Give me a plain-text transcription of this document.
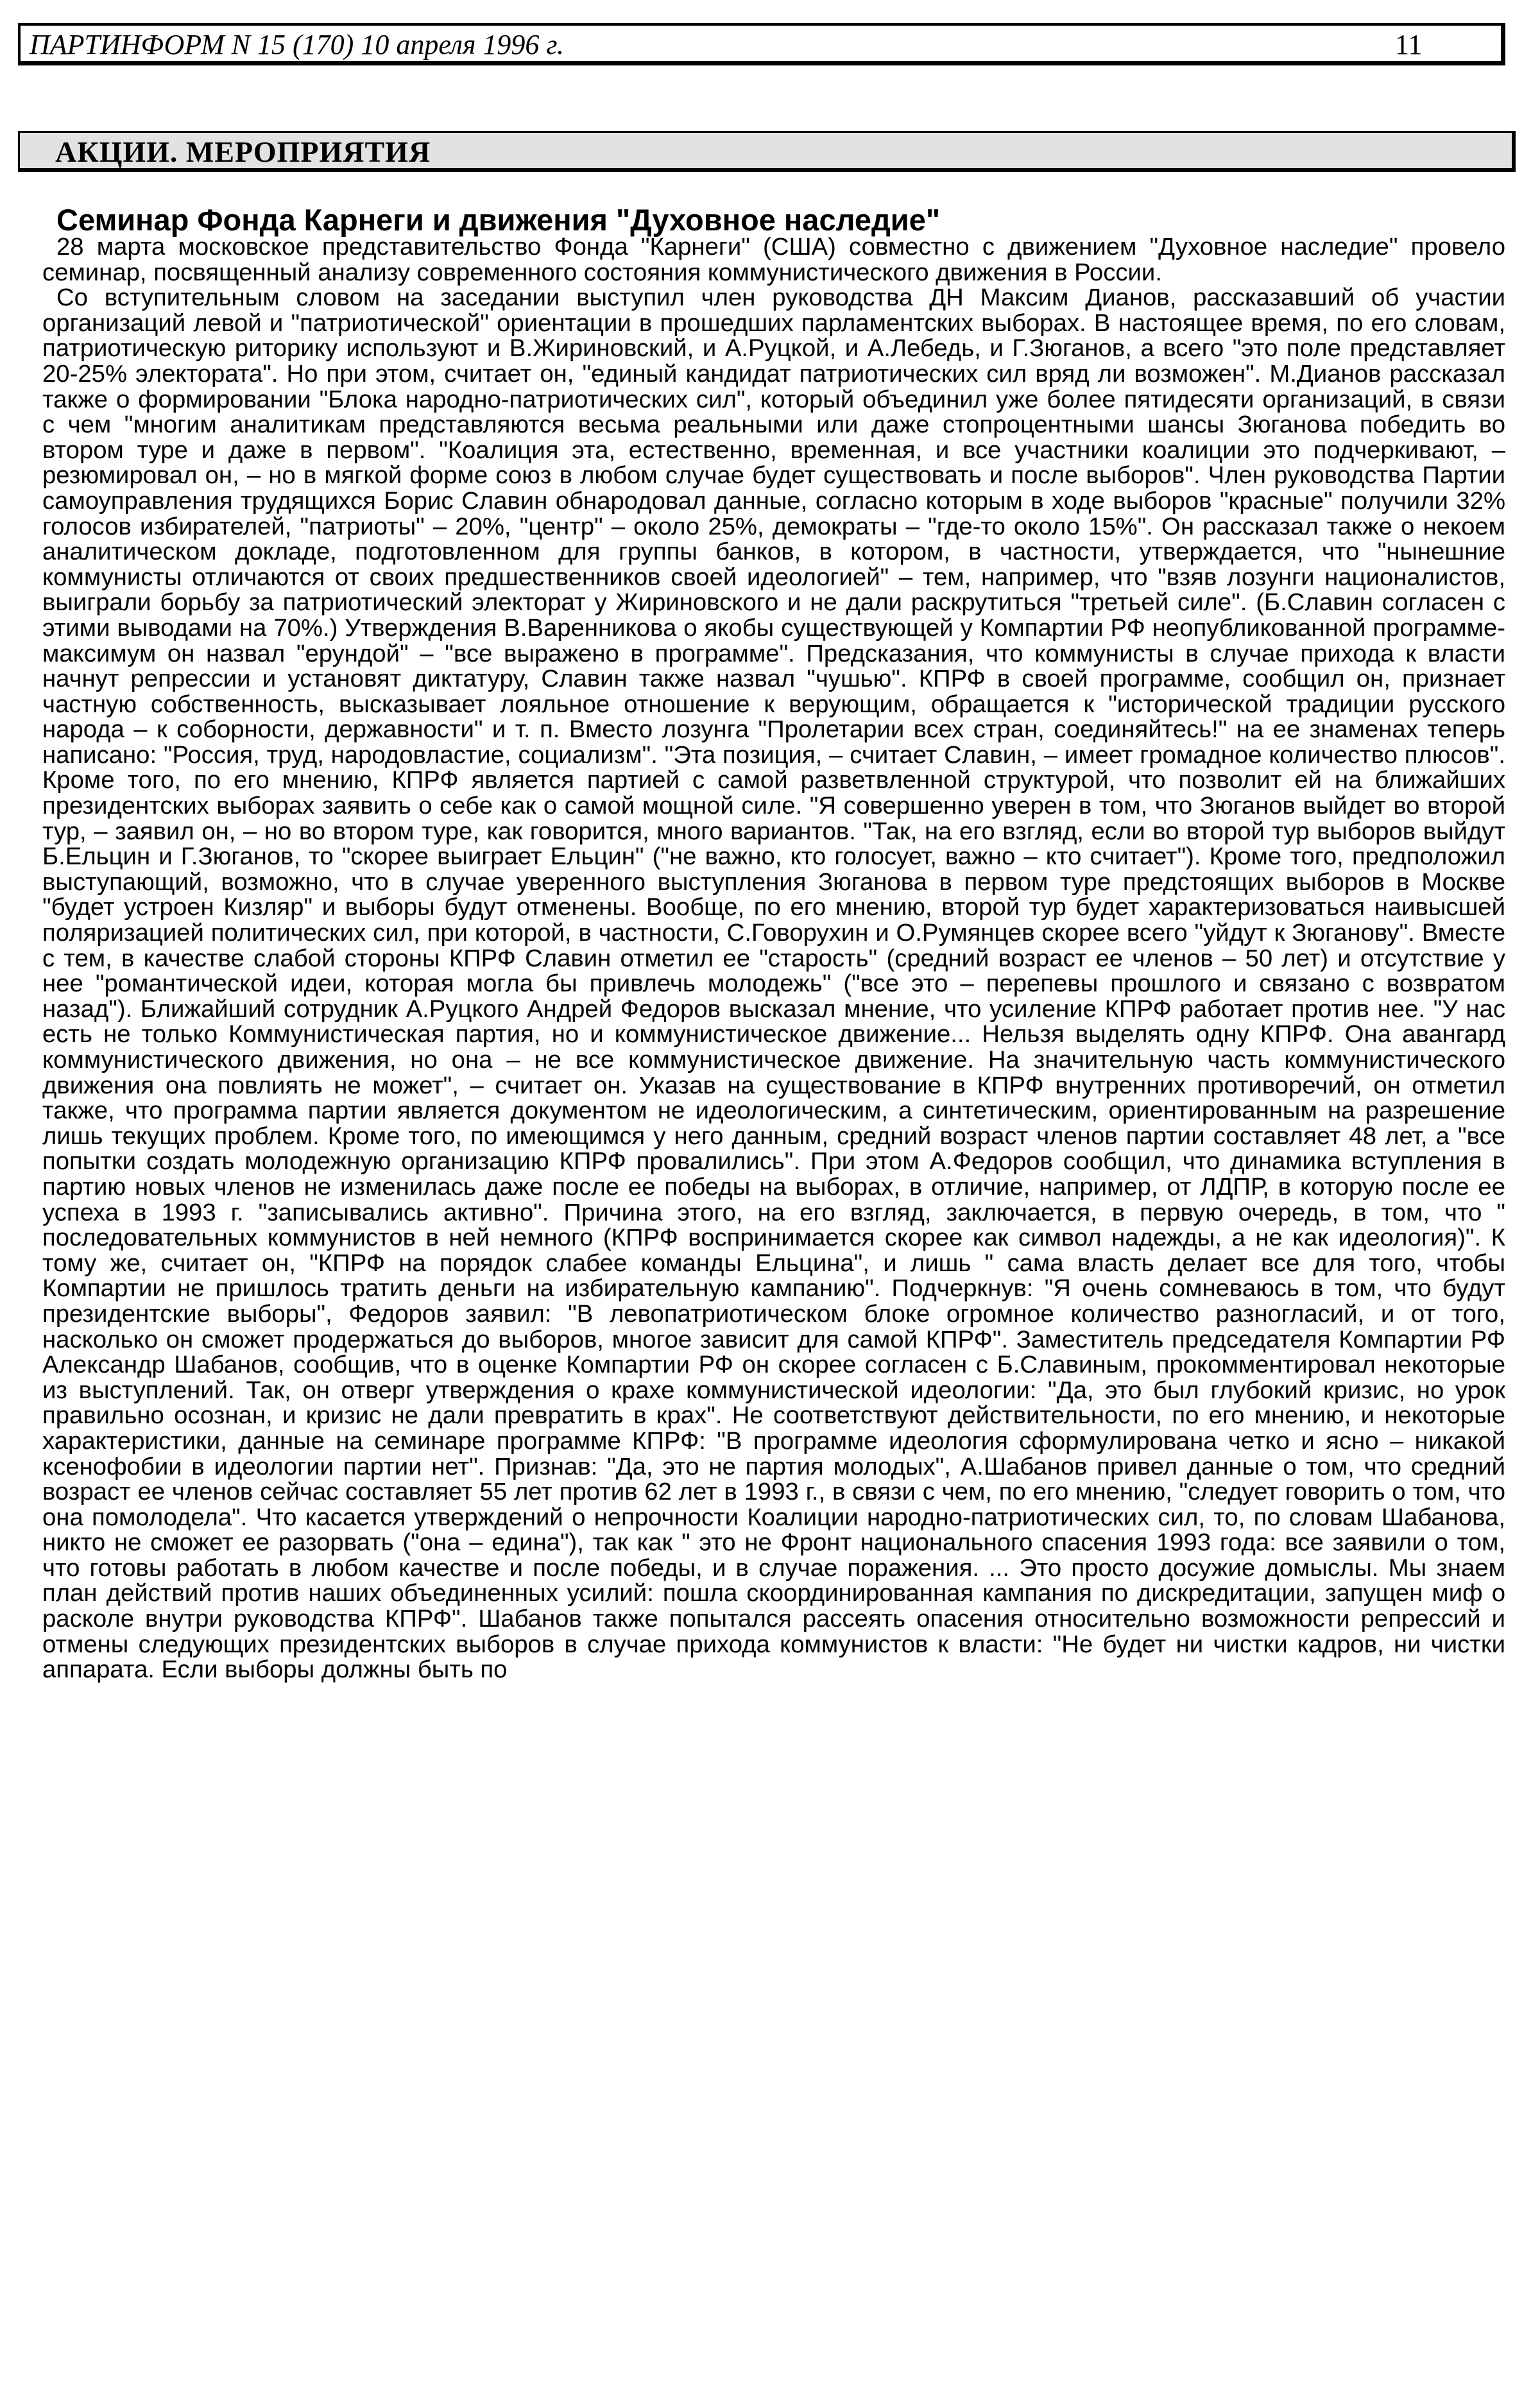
ПАРТИНФОРМ N 15 (170) 10 апреля 1996 г.	11
АКЦИИ. МЕРОПРИЯТИЯ
Семинар Фонда Карнеги и движения "Духовное наследие"

28 марта московское представительство Фонда "Карнеги" (США) совместно с движением "Духовное наследие" провело семинар, посвященный анализу современного состояния коммунистического движения в России.

Со вступительным словом на заседании выступил член руководства ДН Максим Дианов, рассказавший об участии организаций левой и "патриотической" ориентации в прошедших парламентских выборах. В настоящее время, по его словам, патриотическую риторику используют и В.Жириновский, и А.Руцкой, и А.Лебедь, и Г.Зюганов, а всего "это поле представляет 20-25% электората". Но при этом, считает он, "единый кандидат патриотических сил вряд ли возможен". М.Дианов рассказал также о формировании "Блока народно-патриотических сил", который объединил уже более пятидесяти организаций, в связи с чем "многим аналитикам представляются весьма реальными или даже стопроцентными шансы Зюганова победить во втором туре и даже в первом". "Коалиция эта, естественно, временная, и все участники коалиции это подчеркивают, – резюмировал он, – но в мягкой форме союз в любом случае будет существовать и после выборов". Член руководства Партии самоуправления трудящихся Борис Славин обнародовал данные, согласно которым в ходе выборов "красные" получили 32% голосов избирателей, "патриоты" – 20%, "центр" – около 25%, демократы – "где-то около 15%". Он рассказал также о некоем аналитическом докладе, подготовленном для группы банков, в котором, в частности, утверждается, что "нынешние коммунисты отличаются от своих предшественников своей идеологией" – тем, например, что "взяв лозунги националистов, выиграли борьбу за патриотический электорат у Жириновского и не дали раскрутиться "третьей силе". (Б.Славин согласен с этими выводами на 70%.) Утверждения В.Варенникова о якобы существующей у Компартии РФ неопубликованной программе-максимум он назвал "ерундой" – "все выражено в программе". Предсказания, что коммунисты в случае прихода к власти начнут репрессии и установят диктатуру, Славин также назвал "чушью". КПРФ в своей программе, сообщил он, признает частную собственность, высказывает лояльное отношение к верующим, обращается к "исторической традиции русского народа – к соборности, державности" и т. п. Вместо лозунга "Пролетарии всех стран, соединяйтесь!" на ее знаменах теперь написано: "Россия, труд, народовластие, социализм". "Эта позиция, – считает Славин, – имеет громадное количество плюсов". Кроме того, по его мнению, КПРФ является партией с самой разветвленной структурой, что позволит ей на ближайших президентских выборах заявить о себе как о самой мощной силе. "Я совершенно уверен в том, что Зюганов выйдет во второй тур, – заявил он, – но во втором туре, как говорится, много вариантов. "Так, на его взгляд, если во второй тур выборов выйдут Б.Ельцин и Г.Зюганов, то "скорее выиграет Ельцин" ("не важно, кто голосует, важно – кто считает"). Кроме того, предположил выступающий, возможно, что в случае уверенного выступления Зюганова в первом туре предстоящих выборов в Москве "будет устроен Кизляр" и выборы будут отменены. Вообще, по его мнению, второй тур будет характеризоваться наивысшей поляризацией политических сил, при которой, в частности, С.Говорухин и О.Румянцев скорее всего "уйдут к Зюганову". Вместе с тем, в качестве слабой стороны КПРФ Славин отметил ее "старость" (средний возраст ее членов – 50 лет) и отсутствие у нее "романтической идеи, которая могла бы привлечь молодежь" ("все это – перепевы прошлого и связано с возвратом назад"). Ближайший сотрудник А.Руцкого Андрей Федоров высказал мнение, что усиление КПРФ работает против нее. "У нас есть не только Коммунистическая партия, но и коммунистическое движение... Нельзя выделять одну КПРФ. Она авангард коммунистического движения, но она – не все коммунистическое движение. На значительную часть коммунистического движения она повлиять не может", – считает он. Указав на существование в КПРФ внутренних противоречий, он отметил также, что программа партии является документом не идеологическим, а синтетическим, ориентированным на разрешение лишь текущих проблем. Кроме того, по имеющимся у него данным, средний возраст членов партии составляет 48 лет, а "все попытки создать молодежную организацию КПРФ провалились". При этом А.Федоров сообщил, что динамика вступления в партию новых членов не изменилась даже после ее победы на выборах, в отличие, например, от ЛДПР, в которую после ее успеха в 1993 г. "записывались активно". Причина этого, на его взгляд, заключается, в первую очередь, в том, что " последовательных коммунистов в ней немного (КПРФ воспринимается скорее как символ надежды, а не как идеология)". К тому же, считает он, "КПРФ на порядок слабее команды Ельцина", и лишь " сама власть делает все для того, чтобы Компартии не пришлось тратить деньги на избирательную кампанию". Подчеркнув: "Я очень сомневаюсь в том, что будут президентские выборы", Федоров заявил: "В левопатриотическом блоке огромное количество разногласий, и от того, насколько он сможет продержаться до выборов, многое зависит для самой КПРФ". Заместитель председателя Компартии РФ Александр Шабанов, сообщив, что в оценке Компартии РФ он скорее согласен с Б.Славиным, прокомментировал некоторые из выступлений. Так, он отверг утверждения о крахе коммунистической идеологии: "Да, это был глубокий кризис, но урок правильно осознан, и кризис не дали превратить в крах". Не соответствуют действительности, по его мнению, и некоторые характеристики, данные на семинаре программе КПРФ: "В программе идеология сформулирована четко и ясно – никакой ксенофобии в идеологии партии нет". Признав: "Да, это не партия молодых", А.Шабанов привел данные о том, что средний возраст ее членов сейчас составляет 55 лет против 62 лет в 1993 г., в связи с чем, по его мнению, "следует говорить о том, что она помолодела". Что касается утверждений о непрочности Коалиции народно-патриотических сил, то, по словам Шабанова, никто не сможет ее разорвать ("она – едина"), так как " это не Фронт национального спасения 1993 года: все заявили о том, что готовы работать в любом качестве и после победы, и в случае поражения. ... Это просто досужие домыслы. Мы знаем план действий против наших объединенных усилий: пошла скоординированная кампания по дискредитации, запущен миф о расколе внутри руководства КПРФ". Шабанов также попытался рассеять опасения относительно возможности репрессий и отмены следующих президентских выборов в случае прихода коммунистов к власти: "Не будет ни чистки кадров, ни чистки аппарата. Если выборы должны быть по
